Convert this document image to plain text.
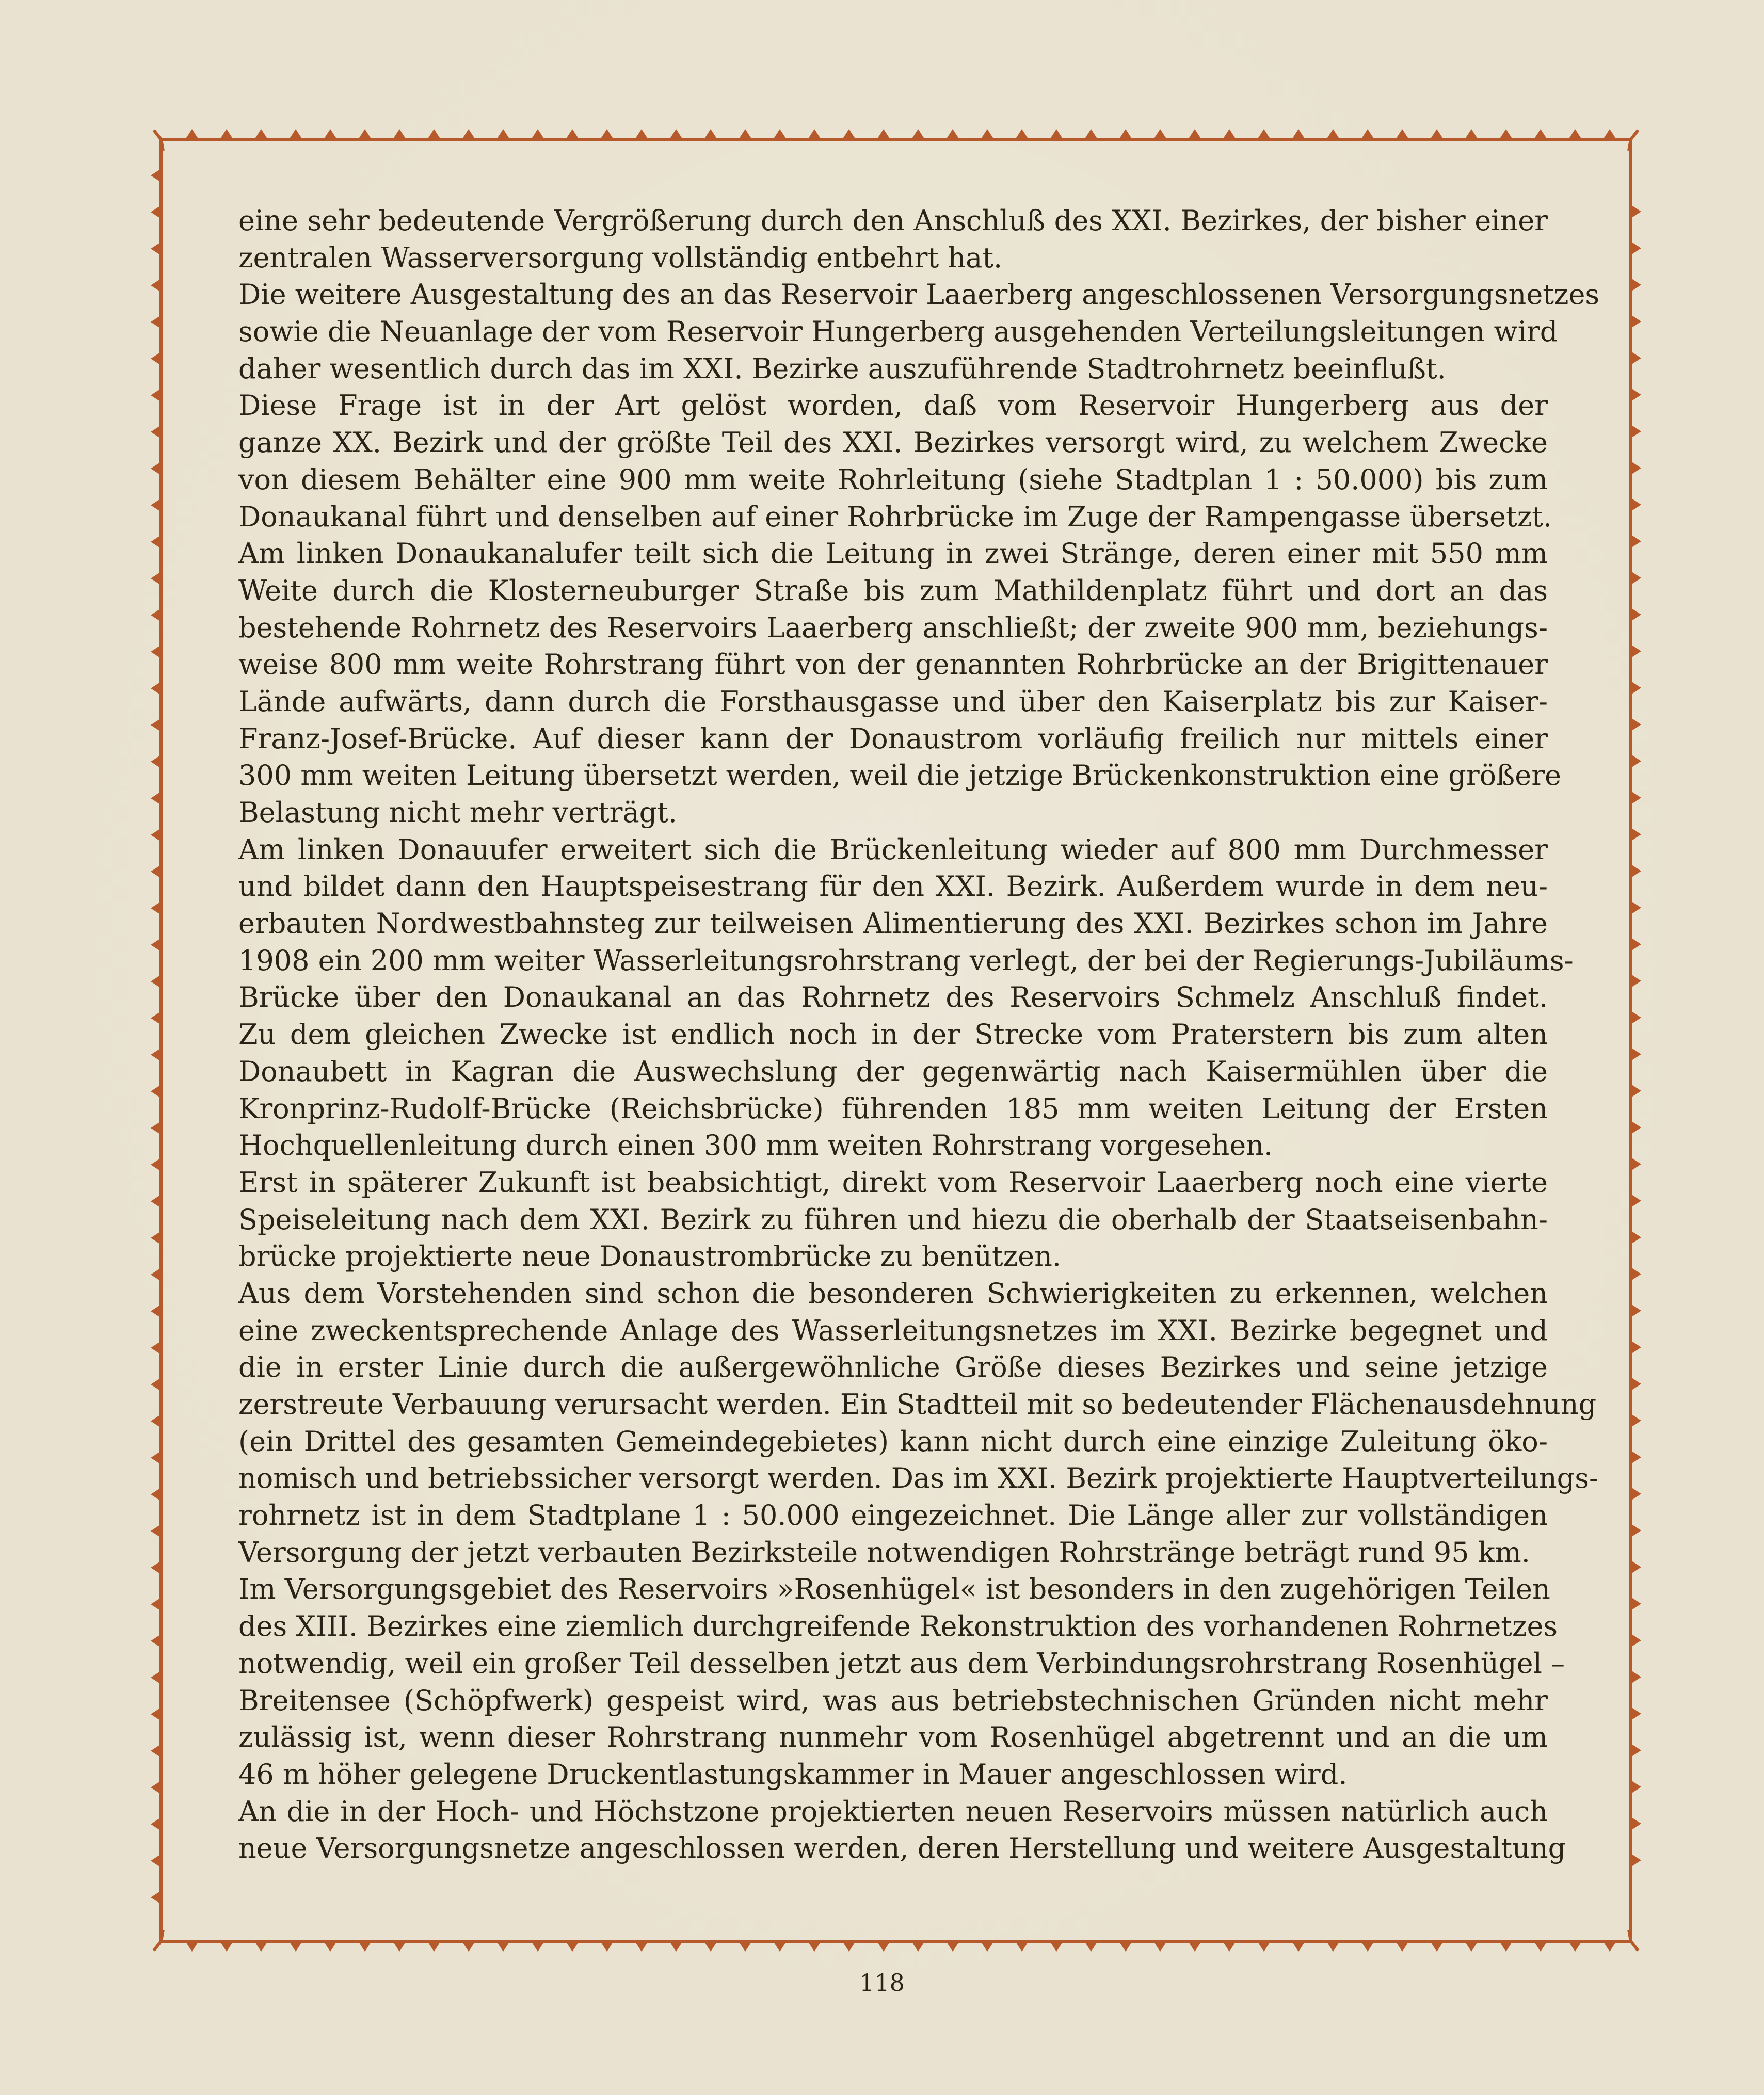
eine sehr bedeutende Vergrößerung durch den Anschluß des XXI. Bezirkes, der bisher einer
zentralen Wasserversorgung vollständig entbehrt hat.
Die weitere Ausgestaltung des an das Reservoir Laaerberg angeschlossenen Versorgungsnetzes
sowie die Neuanlage der vom Reservoir Hungerberg ausgehenden Verteilungsleitungen wird
daher wesentlich durch das im XXI. Bezirke auszuführende Stadtrohrnetz beeinflußt.
Diese Frage ist in der Art gelöst worden, daß vom Reservoir Hungerberg aus der
ganze XX. Bezirk und der größte Teil des XXI. Bezirkes versorgt wird, zu welchem Zwecke
von diesem Behälter eine 900 mm weite Rohrleitung (siehe Stadtplan 1 : 50.000) bis zum
Donaukanal führt und denselben auf einer Rohrbrücke im Zuge der Rampengasse übersetzt.
Am linken Donaukanalufer teilt sich die Leitung in zwei Stränge, deren einer mit 550 mm
Weite durch die Klosterneuburger Straße bis zum Mathildenplatz führt und dort an das
bestehende Rohrnetz des Reservoirs Laaerberg anschließt; der zweite 900 mm, beziehungs-
weise 800 mm weite Rohrstrang führt von der genannten Rohrbrücke an der Brigittenauer
Lände aufwärts, dann durch die Forsthausgasse und über den Kaiserplatz bis zur Kaiser-
Franz-Josef-Brücke. Auf dieser kann der Donaustrom vorläufig freilich nur mittels einer
300 mm weiten Leitung übersetzt werden, weil die jetzige Brückenkonstruktion eine größere
Belastung nicht mehr verträgt.
Am linken Donauufer erweitert sich die Brückenleitung wieder auf 800 mm Durchmesser
und bildet dann den Hauptspeisestrang für den XXI. Bezirk. Außerdem wurde in dem neu-
erbauten Nordwestbahnsteg zur teilweisen Alimentierung des XXI. Bezirkes schon im Jahre
1908 ein 200 mm weiter Wasserleitungsrohrstrang verlegt, der bei der Regierungs-Jubiläums-
Brücke über den Donaukanal an das Rohrnetz des Reservoirs Schmelz Anschluß findet.
Zu dem gleichen Zwecke ist endlich noch in der Strecke vom Praterstern bis zum alten
Donaubett in Kagran die Auswechslung der gegenwärtig nach Kaisermühlen über die
Kronprinz-Rudolf-Brücke (Reichsbrücke) führenden 185 mm weiten Leitung der Ersten
Hochquellenleitung durch einen 300 mm weiten Rohrstrang vorgesehen.
Erst in späterer Zukunft ist beabsichtigt, direkt vom Reservoir Laaerberg noch eine vierte
Speiseleitung nach dem XXI. Bezirk zu führen und hiezu die oberhalb der Staatseisenbahn-
brücke projektierte neue Donaustrombrücke zu benützen.
Aus dem Vorstehenden sind schon die besonderen Schwierigkeiten zu erkennen, welchen
eine zweckentsprechende Anlage des Wasserleitungsnetzes im XXI. Bezirke begegnet und
die in erster Linie durch die außergewöhnliche Größe dieses Bezirkes und seine jetzige
zerstreute Verbauung verursacht werden. Ein Stadtteil mit so bedeutender Flächenausdehnung
(ein Drittel des gesamten Gemeindegebietes) kann nicht durch eine einzige Zuleitung öko-
nomisch und betriebssicher versorgt werden. Das im XXI. Bezirk projektierte Hauptverteilungs-
rohrnetz ist in dem Stadtplane 1 : 50.000 eingezeichnet. Die Länge aller zur vollständigen
Versorgung der jetzt verbauten Bezirksteile notwendigen Rohrstränge beträgt rund 95 km.
Im Versorgungsgebiet des Reservoirs »Rosenhügel« ist besonders in den zugehörigen Teilen
des XIII. Bezirkes eine ziemlich durchgreifende Rekonstruktion des vorhandenen Rohrnetzes
notwendig, weil ein großer Teil desselben jetzt aus dem Verbindungsrohrstrang Rosenhügel –
Breitensee (Schöpfwerk) gespeist wird, was aus betriebstechnischen Gründen nicht mehr
zulässig ist, wenn dieser Rohrstrang nunmehr vom Rosenhügel abgetrennt und an die um
46 m höher gelegene Druckentlastungskammer in Mauer angeschlossen wird.
An die in der Hoch- und Höchstzone projektierten neuen Reservoirs müssen natürlich auch
neue Versorgungsnetze angeschlossen werden, deren Herstellung und weitere Ausgestaltung
118
